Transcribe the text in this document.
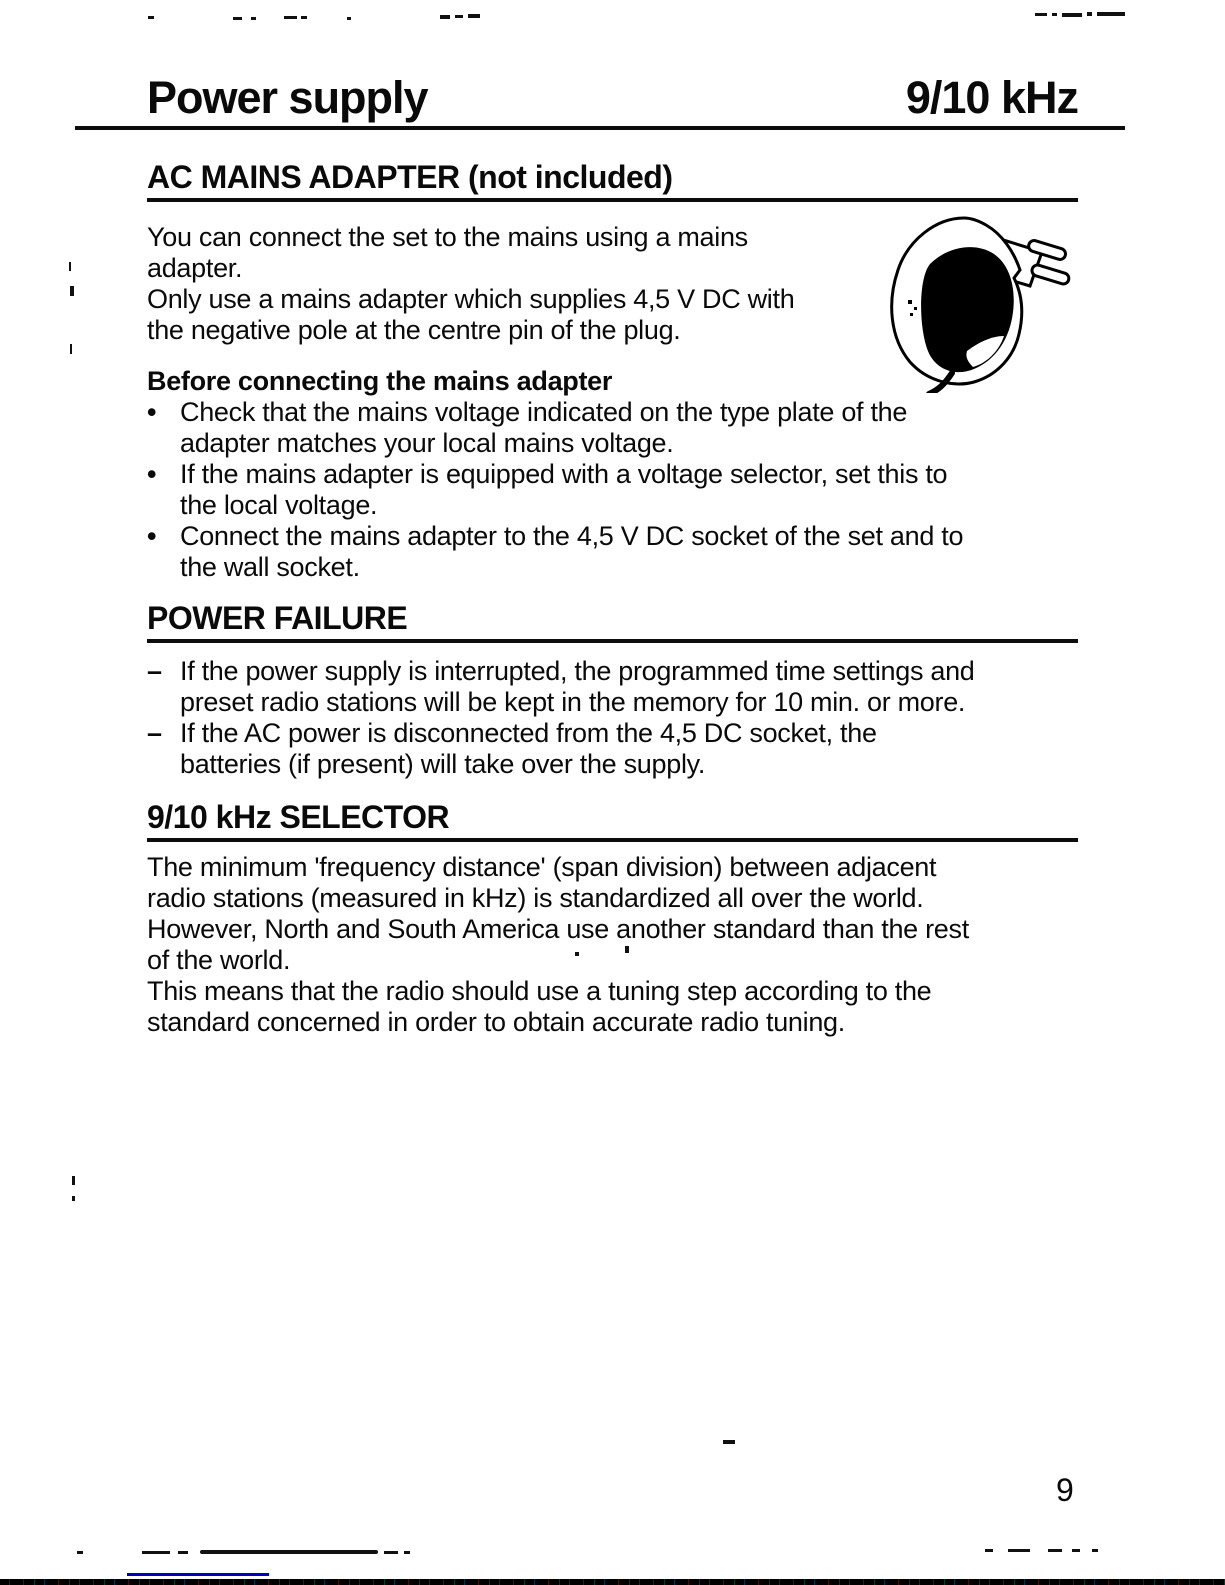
Power supply	9/10 kHz
AC MAINS ADAPTER (not included)
You can connect the set to the mains using a mains
adapter.
Only use a mains adapter which supplies 4,5 V DC with
the negative pole at the centre pin of the plug.
Before connecting the mains adapter
• Check that the mains voltage indicated on the type plate of the
adapter matches your local mains voltage.
• If the mains adapter is equipped with a voltage selector, set this to
the local voltage.
• Connect the mains adapter to the 4,5 V DC socket of the set and to
the wall socket.
POWER FAILURE
– If the power supply is interrupted, the programmed time settings and
preset radio stations will be kept in the memory for 10 min. or more.
– If the AC power is disconnected from the 4,5 DC socket, the
batteries (if present) will take over the supply.
9/10 kHz SELECTOR
The minimum 'frequency distance' (span division) between adjacent
radio stations (measured in kHz) is standardized all over the world.
However, North and South America use another standard than the rest
of the world.
This means that the radio should use a tuning step according to the
standard concerned in order to obtain accurate radio tuning.
9
